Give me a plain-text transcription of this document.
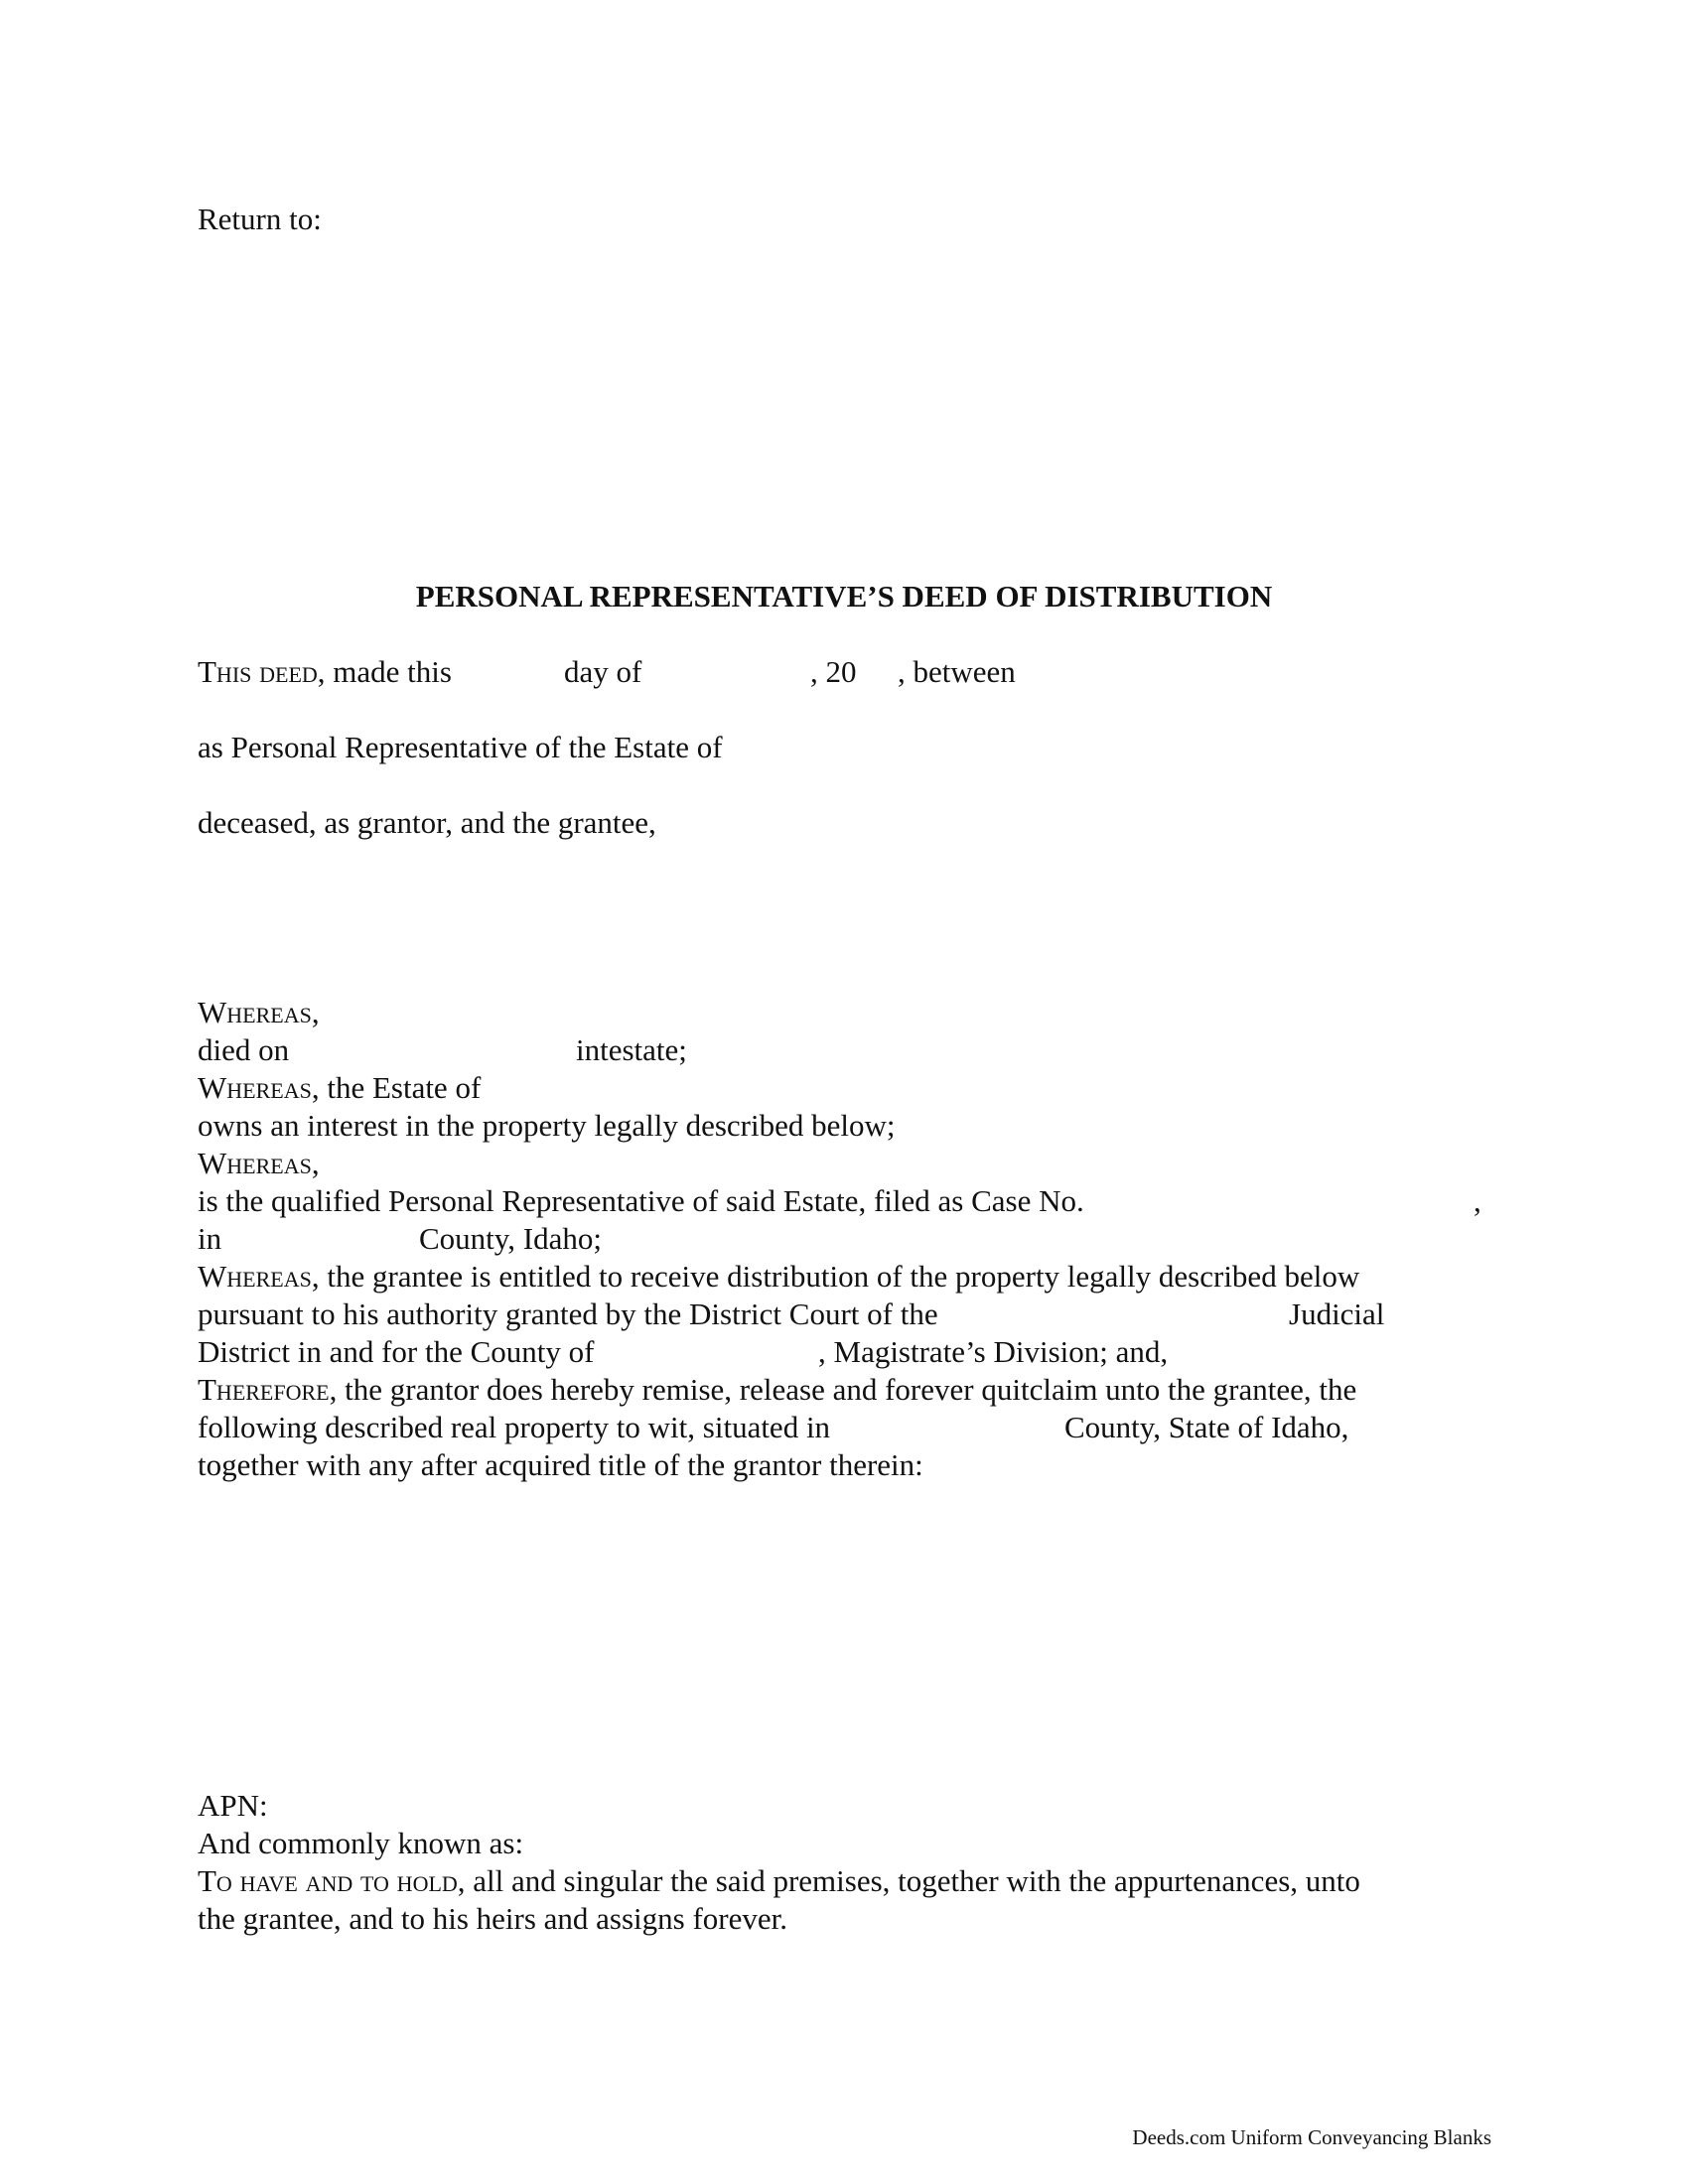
Return to:

PERSONAL REPRESENTATIVE’S DEED OF DISTRIBUTION
This deed, made this	day of	, 20 , between

as Personal Representative of the Estate of

deceased, as grantor, and the grantee,

Whereas,
died on	intestate;
Whereas, the Estate of
owns an interest in the property legally described below;
Whereas,
is the qualified Personal Representative of said Estate, filed as Case No.	,
in	County, Idaho;
Whereas, the grantee is entitled to receive distribution of the property legally described below
pursuant to his authority granted by the District Court of the	Judicial
District in and for the County of	, Magistrate’s Division; and,
Therefore, the grantor does hereby remise, release and forever quitclaim unto the grantee, the
following described real property to wit, situated in	County, State of Idaho,
together with any after acquired title of the grantor therein:

APN:

And commonly known as:

To have and to hold, all and singular the said premises, together with the appurtenances, unto
the grantee, and to his heirs and assigns forever.
Deeds.com Uniform Conveyancing Blanks
